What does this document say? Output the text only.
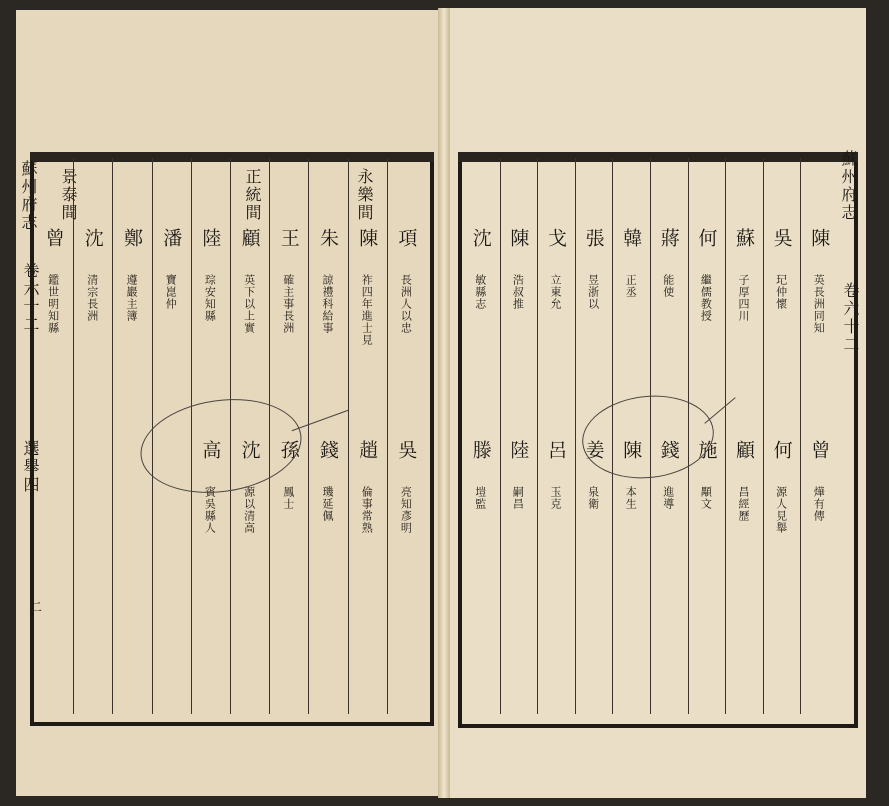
蘇州府志
卷六十二
選舉四
二
蘇州府志
卷六十二
永樂間
正統間
景泰間
項
長洲人以忠
陳
祚四年進士見
朱
諒禮科給事
王
確主事長洲
顧
英下以上實
陸
琮安知縣
潘
寶崑仲
鄭
遵巖主簿
沈
清宗長洲
曾
鑑世明知縣
吳
亮知彥明
趙
倫事常熟
錢
璣延佩
孫
鳳士
沈
源以清高
高
賓吳縣人
陳
英長洲同知
吳
玘仲懷
蘇
子厚四川
何
繼儒教授
蔣
能使
韓
正丞
張
昱浙以
戈
立東允
陳
浩叔推
沈
敏縣志
曾
燁有傳
何
源人見舉
顧
昌經歷
施
顒文
錢
進導
陳
本生
姜
泉衛
呂
玉克
陸
嗣昌
滕
塏監
